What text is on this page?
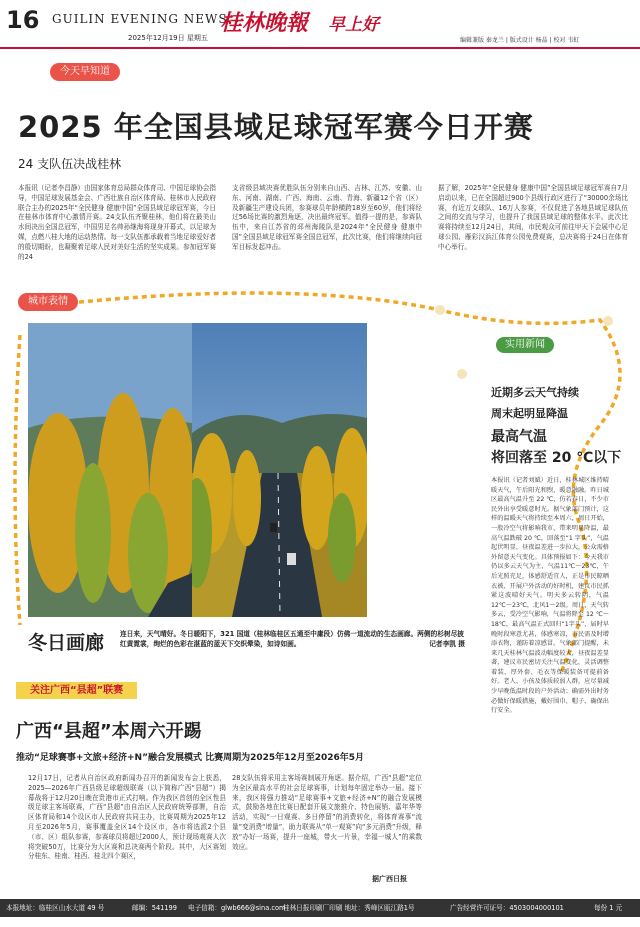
16 GUILIN EVENING NEWS
2025年12月19日 星期五
桂林晚報 早上好
编辑兼版 秦龙兰 | 版式设计 杨晶 | 校对 韦虹
今天早知道
2025 年全国县域足球冠军赛今日开赛
24 支队伍决战桂林
本报讯（记者李昌静）由国家体育总局群众体育司、中国足球协会指导，中国足球发展基金会、广西壮族自治区体育局、桂林市人民政府联合主办的2025年“全民健身 健康中国”全国县域足球冠军赛，今日在桂林市体育中心激情开赛。24支队伍齐聚桂林，他们将在最美山水间决出全国总冠军，中国男足名帅孙继海将现身开幕式，以足球为媒，点燃八桂大地的运动热情。每一支队伍都承载着当地足球爱好者的殷切期盼，也凝聚着足球人民对美好生活的坚实成果。参加冠军赛的24
支省级县域决赛优胜队伍分别来自山西、吉林、江苏、安徽、山东、河南、湖南、广西、海南、云南、青海、新疆12个省（区）及新疆生产建设兵团，参赛球员年龄横跨18岁至60岁，他们将经过56场比赛的激烈角逐，决出最终冠军。值得一提的是，参赛队伍中，来自江苏省的邳州海陵队是2024年“全民健身 健康中国”全国县域足球冠军赛全国总冠军，此次比赛，他们将继续向冠军目标发起冲击。
据了解，2025年“全民健身 健康中国”全国县域足球冠军赛自7月启动以来，已在全国超过900个县级行政区进行了“30000余场比赛，有近万支球队、16万人参赛，不仅促进了各地县域足球队伍之间的交流与学习，也提升了我国县域足球的整体水平。此次比赛将持续至12月24日，其间，市民观众可前往甲天下会展中心足球公园、雁彩汉浜江体育公园免费观赛，总决赛将于24日在体育中心举行。
城市表情
冬日画廊 连日来，天气晴好。冬日暖阳下，321 国道（桂林临桂区五通至中庸段）仿佛一道流动的生态画廊。两侧的杉树尽披红黄霓裳，绚烂的色彩在湛蓝的蓝天下交织晕染，如诗如画。	记者李凯 摄
实用新闻
近期多云天气持续
周末起明显降温
最高气温
将回落至 20 ℃以下
本报讯（记者刘斌）近日，桂林城区维持晴暖天气，午后阳光和煦，暖意融融。昨日城区最高气温升至 22 ℃，仿若春日，不少市民外出享受暖意时光。据气象部门预计，这样的温暖天气将持续至本周六，周日开始，一股冷空气将影响我市，带来明显降温，最高气温跌破 20 ℃，回落至“1 字头”，气温起伏明显，昼夜温差进一步拉大，公众需格外留意天气变化。具体预报如下：今天我市仍以多云天气为主，气温11℃～23℃，午后光照充足，体感舒适宜人，正是市民晾晒衣被、开展户外活动的好时机，建议市民抓紧这波晴好天气。明天多云转阴，气温12℃～23℃，北风1～2级。周日，天气转多云，受冷空气影响，气温将降至 12 ℃～18℃，最高气温正式回归“1字头”，届时早晚时段寒意尤甚，体感寒凉，市民需及时增添衣物，谨防着凉感冒。气象部门提醒，未来几天桂林气温波动幅度较大，昼夜温差显著，建议市民密切关注气温变化，灵活调整着装，厚外套、毛衣等保暖装备可提前备好。老人、小孩及体质较弱人群，应尽量减少早晚低温时段的户外活动；确需外出时务必做好保暖措施，戴好围巾、帽子，确保出行安全。
关注广西“县超”联赛
广西“县超”本周六开踢
推动“足球赛事+文旅+经济+N”融合发展模式 比赛周期为2025年12月至2026年5月
12月17日，记者从自治区政府新闻办召开的新闻发布会上获悉，2025—2026年广西县级足球超级联赛（以下简称广西“县超”）揭幕战将于12月20日晚在贵港市正式打响。作为我区首创的全区性县级足球主客场联赛，广西“县超”由自治区人民政府统筹部署，自治区体育局和14个设区市人民政府共同主办，比赛周期为2025年12月至2026年5月，赛事覆盖全区14个设区市，各市将选派2个县（市、区）组队参赛，参赛球员将超过2000人，预计现场观赛人次将突破50万，比赛分为大区赛和总决赛两个阶段。其中，大区赛划分桂东、桂南、桂西、桂北四个赛区，
28支队伍将采用主客场赛制展开角逐。据介绍，广西“县超”定位为全区最高水平的社会足球赛事，计划每年固定举办一届。接下来，我区将强力推动“足球赛事+文旅+经济+N”的融合发展模式，鼓励各地在比赛日配套开展文旅推介、特色展销、嘉年华等活动，实现“一日观赛、多日停留”的消费转化，将体育赛事“流量”变消费“增量”，助力联赛从“单一观赛”向“多元消费”升级，释放“办好一场赛，提升一座城，带火一片景，幸福一城人”的乘数效应。
据广西日报
本报地址：临桂区山水大道 49 号	邮编：541199 电子信箱：glwb666@sina.com
桂林日报印刷厂印刷 地址：秀峰区瓯江路1号	广告经营许可证号：4503004000101	每份 1 元
